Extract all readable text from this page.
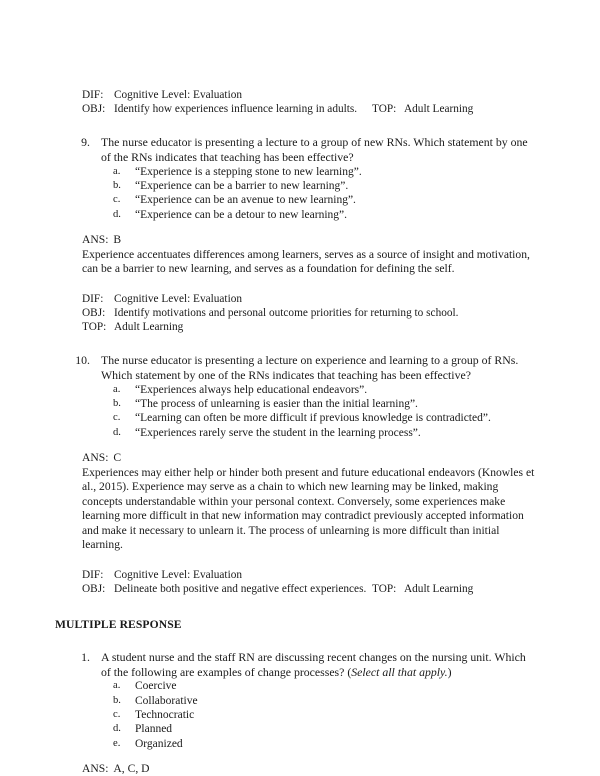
DIF: Cognitive Level: Evaluation
OBJ: Identify how experiences influence learning in adults. TOP: Adult Learning
9. The nurse educator is presenting a lecture to a group of new RNs. Which statement by one of the RNs indicates that teaching has been effective?

a. “Experience is a stepping stone to new learning”.
b. “Experience can be a barrier to new learning”.
c. “Experience can be an avenue to new learning”.
d. “Experience can be a detour to new learning”.
ANS: B

Experience accentuates differences among learners, serves as a source of insight and motivation, can be a barrier to new learning, and serves as a foundation for defining the self.

DIF: Cognitive Level: Evaluation
OBJ: Identify motivations and personal outcome priorities for returning to school.
TOP: Adult Learning
10. The nurse educator is presenting a lecture on experience and learning to a group of RNs. Which statement by one of the RNs indicates that teaching has been effective?

a. “Experiences always help educational endeavors”.
b. “The process of unlearning is easier than the initial learning”.
c. “Learning can often be more difficult if previous knowledge is contradicted”.
d. “Experiences rarely serve the student in the learning process”.
ANS: C

Experiences may either help or hinder both present and future educational endeavors (Knowles et al., 2015). Experience may serve as a chain to which new learning may be linked, making concepts understandable within your personal context. Conversely, some experiences make learning more difficult in that new information may contradict previously accepted information and make it necessary to unlearn it. The process of unlearning is more difficult than initial learning.

DIF: Cognitive Level: Evaluation
OBJ: Delineate both positive and negative effect experiences. TOP: Adult Learning
MULTIPLE RESPONSE
1. A student nurse and the staff RN are discussing recent changes on the nursing unit. Which of the following are examples of change processes? (Select all that apply.)

a. Coercive
b. Collaborative
c. Technocratic
d. Planned
e. Organized
ANS: A, C, D
